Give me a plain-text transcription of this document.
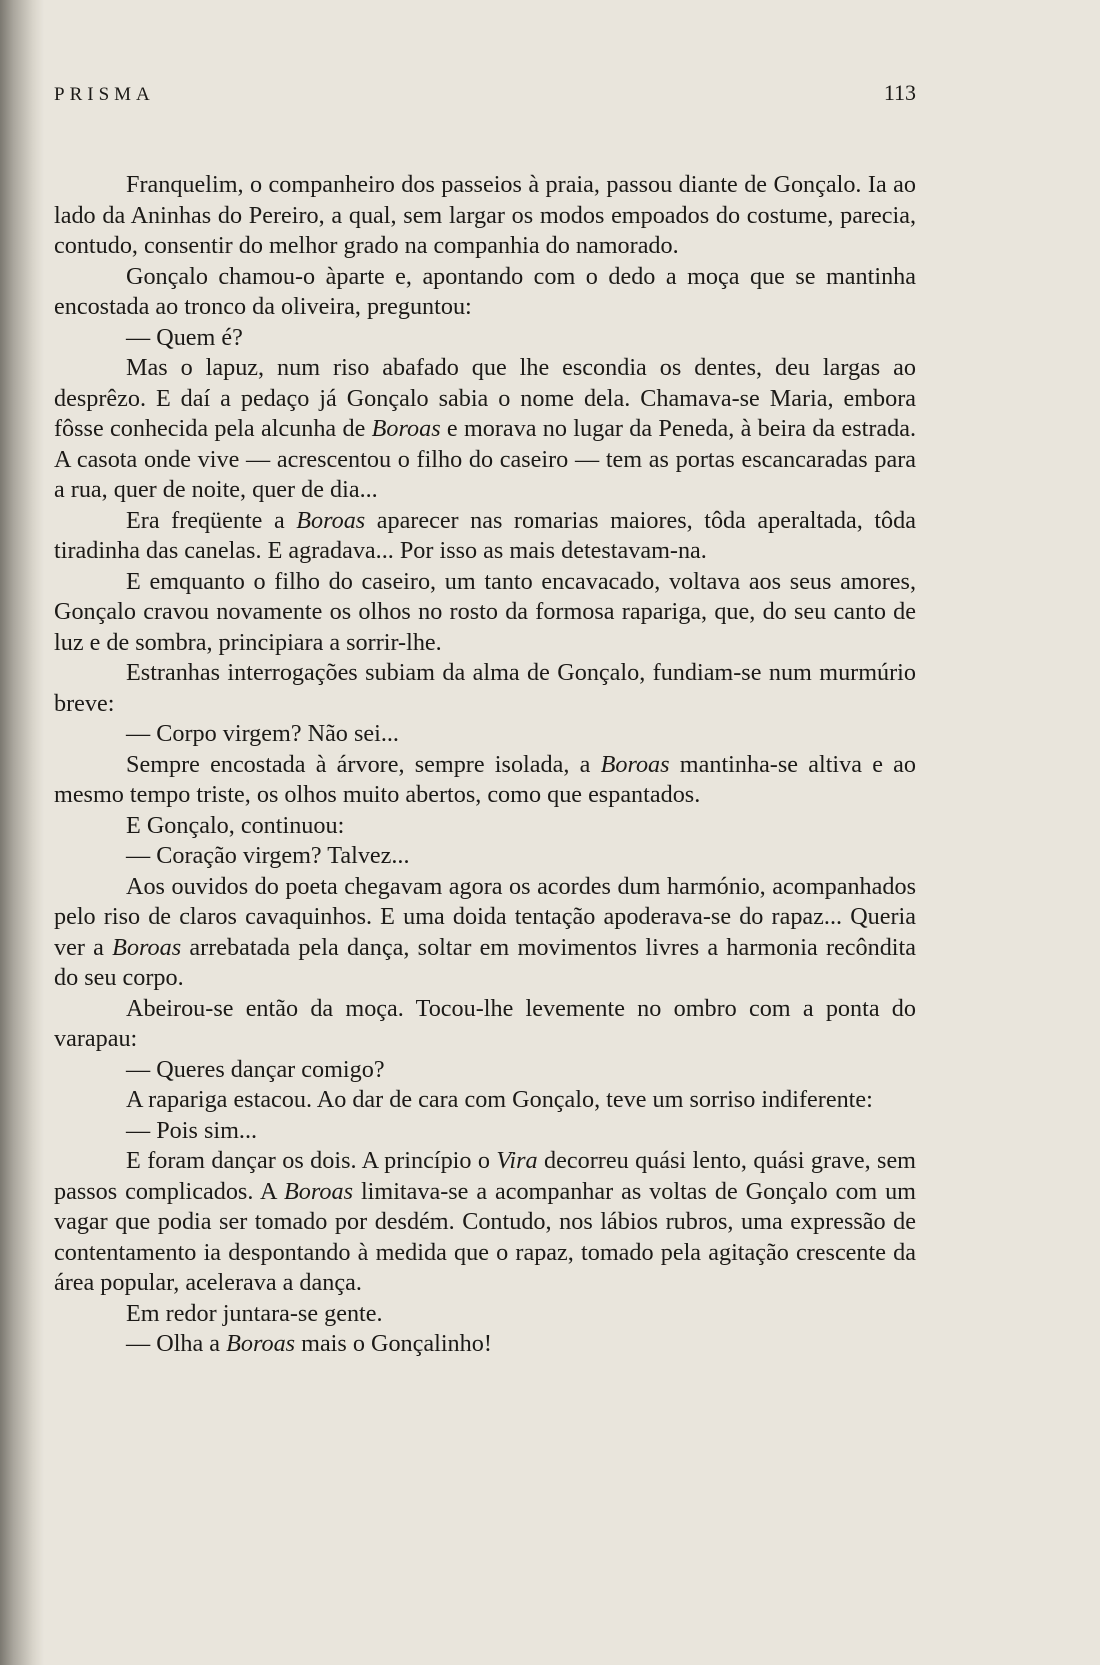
PRISMA	113

Franquelim, o companheiro dos passeios à praia, passou diante de Gonçalo. Ia ao lado da Aninhas do Pereiro, a qual, sem largar os modos empoados do costume, parecia, contudo, consentir do melhor grado na companhia do namorado.

Gonçalo chamou-o àparte e, apontando com o dedo a moça que se mantinha encostada ao tronco da oliveira, preguntou:

— Quem é?

Mas o lapuz, num riso abafado que lhe escondia os dentes, deu largas ao desprêzo. E daí a pedaço já Gonçalo sabia o nome dela. Chamava-se Maria, embora fôsse conhecida pela alcunha de Boroas e morava no lugar da Peneda, à beira da estrada. A casota onde vive — acrescentou o filho do caseiro — tem as portas escancaradas para a rua, quer de noite, quer de dia...

Era freqüente a Boroas aparecer nas romarias maiores, tôda aperaltada, tôda tiradinha das canelas. E agradava... Por isso as mais detestavam-na.

E emquanto o filho do caseiro, um tanto encavacado, voltava aos seus amores, Gonçalo cravou novamente os olhos no rosto da formosa rapariga, que, do seu canto de luz e de sombra, principiara a sorrir-lhe.

Estranhas interrogações subiam da alma de Gonçalo, fundiam-se num murmúrio breve:

— Corpo virgem? Não sei...

Sempre encostada à árvore, sempre isolada, a Boroas mantinha-se altiva e ao mesmo tempo triste, os olhos muito abertos, como que espantados.

E Gonçalo, continuou:

— Coração virgem? Talvez...

Aos ouvidos do poeta chegavam agora os acordes dum harmónio, acompanhados pelo riso de claros cavaquinhos. E uma doida tentação apoderava-se do rapaz... Queria ver a Boroas arrebatada pela dança, soltar em movimentos livres a harmonia recôndita do seu corpo.

Abeirou-se então da moça. Tocou-lhe levemente no ombro com a ponta do varapau:

— Queres dançar comigo?

A rapariga estacou. Ao dar de cara com Gonçalo, teve um sorriso indiferente:

— Pois sim...

E foram dançar os dois. A princípio o Vira decorreu quási lento, quási grave, sem passos complicados. A Boroas limitava-se a acompanhar as voltas de Gonçalo com um vagar que podia ser tomado por desdém. Contudo, nos lábios rubros, uma expressão de contentamento ia despontando à medida que o rapaz, tomado pela agitação crescente da área popular, acelerava a dança.

Em redor juntara-se gente.

— Olha a Boroas mais o Gonçalinho!
